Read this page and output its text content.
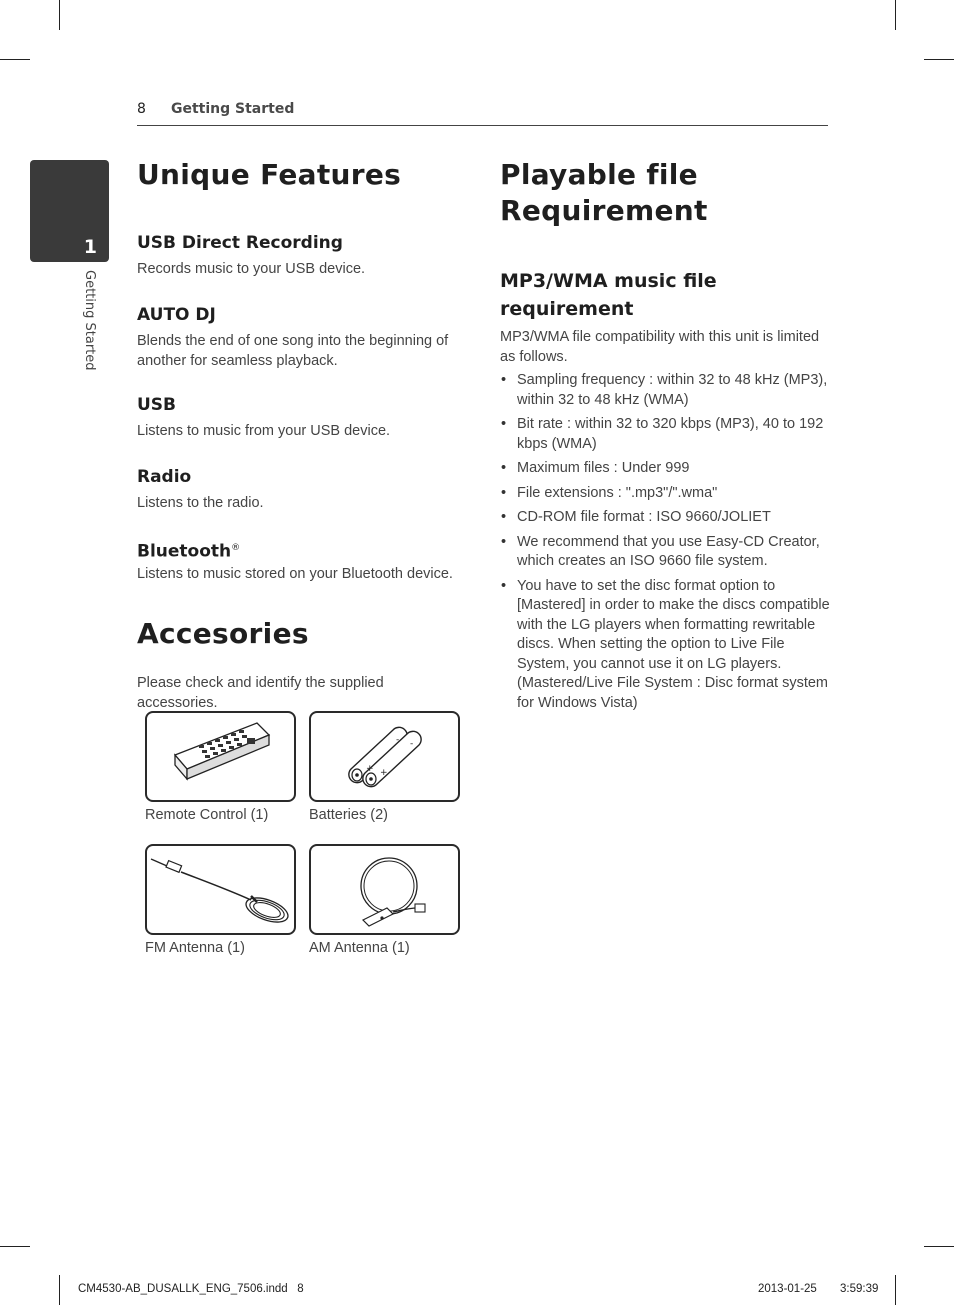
8 Getting Started
1
Getting Started
Unique Features
USB Direct Recording
Records music to your USB device.
AUTO DJ
Blends the end of one song into the beginning of another for seamless playback.
USB
Listens to music from your USB device.
Radio
Listens to the radio.
Bluetooth®
Listens to music stored on your Bluetooth device.
Accesories
Please check and identify the supplied accessories.
Remote Control (1)
+ +
- -
Batteries (2)
FM Antenna (1)	AM Antenna (1)
Playable file
Requirement
MP3/WMA music file
requirement
MP3/WMA file compatibility with this unit is limited as follows.
• Sampling frequency : within 32 to 48 kHz (MP3), within 32 to 48 kHz (WMA)
• Bit rate : within 32 to 320 kbps (MP3), 40 to 192 kbps (WMA)
• Maximum files : Under 999
• File extensions : ".mp3"/".wma"
• CD-ROM file format : ISO 9660/JOLIET
• We recommend that you use Easy-CD Creator, which creates an ISO 9660 file system.
• You have to set the disc format option to [Mastered] in order to make the discs compatible with the LG players when formatting rewritable discs. When setting the option to Live File System, you cannot use it on LG players. (Mastered/Live File System : Disc format system for Windows Vista)
CM4530-AB_DUSALLK_ENG_7506.indd   8	2013-01-25 3:59:39
